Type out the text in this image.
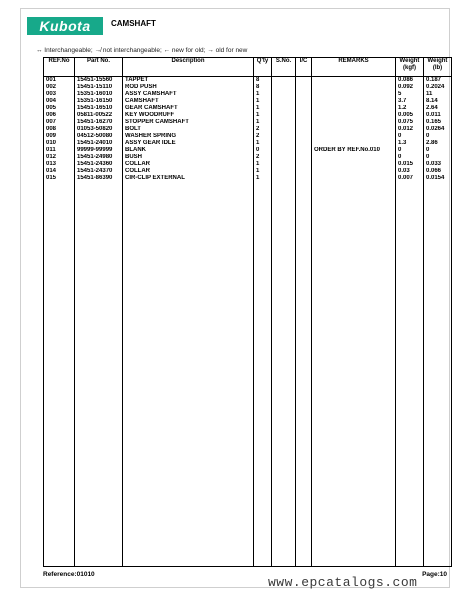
Kubota	CAMSHAFT
↔ Interchangeable; ↛ not interchangeable; ← new for old; → old for new
REF.No	Part No.	Description	Q'ty	S.No.	I/C	REMARKS	Weight (kgf)	Weight (lb)
001	15451-15560	TAPPET	8				0.086	0.187
002	15451-15110	ROD PUSH	8				0.092	0.2024
003	15351-16010	ASSY CAMSHAFT	1				5	11
004	15351-16150	CAMSHAFT	1				3.7	8.14
005	15451-16510	GEAR CAMSHAFT	1				1.2	2.64
006	05811-00522	KEY WOODRUFF	1				0.005	0.011
007	15451-16270	STOPPER CAMSHAFT	1				0.075	0.165
008	01053-50820	BOLT	2				0.012	0.0264
009	04512-50080	WASHER SPRING	2				0	0
010	15451-24010	ASSY GEAR IDLE	1				1.3	2.86
011	99999-99999	BLANK	0			ORDER BY REF.No.010	0	0
012	15451-24980	BUSH	2				0	0
013	15451-24360	COLLAR	1				0.015	0.033
014	15451-24370	COLLAR	1				0.03	0.066
015	15451-86390	CIR-CLIP EXTERNAL	1				0.007	0.0154

Reference:01010
www.epcatalogs.com
Page:10
